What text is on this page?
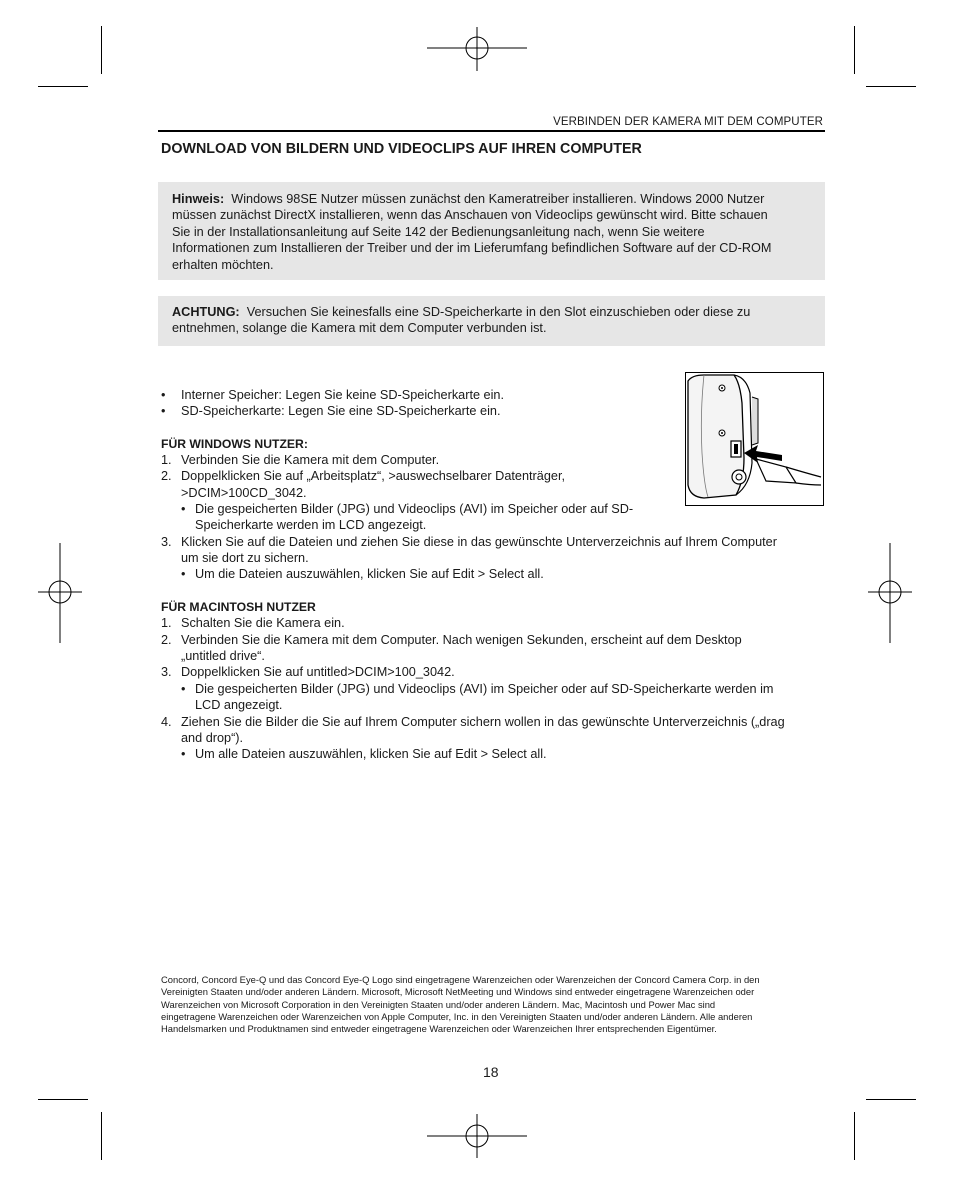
VERBINDEN DER KAMERA MIT DEM COMPUTER
DOWNLOAD VON BILDERN UND VIDEOCLIPS AUF IHREN COMPUTER
Hinweis: Windows 98SE Nutzer müssen zunächst den Kameratreiber installieren. Windows 2000 Nutzer
müssen zunächst DirectX installieren, wenn das Anschauen von Videoclips gewünscht wird. Bitte schauen
Sie in der Installationsanleitung auf Seite 142 der Bedienungsanleitung nach, wenn Sie weitere
Informationen zum Installieren der Treiber und der im Lieferumfang befindlichen Software auf der CD-ROM
erhalten möchten.
ACHTUNG: Versuchen Sie keinesfalls eine SD-Speicherkarte in den Slot einzuschieben oder diese zu
entnehmen, solange die Kamera mit dem Computer verbunden ist.
• Interner Speicher: Legen Sie keine SD-Speicherkarte ein.
• SD-Speicherkarte: Legen Sie eine SD-Speicherkarte ein.
FÜR WINDOWS NUTZER:
1. Verbinden Sie die Kamera mit dem Computer.
2. Doppelklicken Sie auf „Arbeitsplatz“, >auswechselbarer Datenträger,
>DCIM>100CD_3042.
• Die gespeicherten Bilder (JPG) und Videoclips (AVI) im Speicher oder auf SD-
Speicherkarte werden im LCD angezeigt.
3. Klicken Sie auf die Dateien und ziehen Sie diese in das gewünschte Unterverzeichnis auf Ihrem Computer
um sie dort zu sichern.
• Um die Dateien auszuwählen, klicken Sie auf Edit > Select all.
FÜR MACINTOSH NUTZER
1. Schalten Sie die Kamera ein.
2. Verbinden Sie die Kamera mit dem Computer. Nach wenigen Sekunden, erscheint auf dem Desktop
„untitled drive“.
3. Doppelklicken Sie auf untitled>DCIM>100_3042.
• Die gespeicherten Bilder (JPG) und Videoclips (AVI) im Speicher oder auf SD-Speicherkarte werden im
LCD angezeigt.
4. Ziehen Sie die Bilder die Sie auf Ihrem Computer sichern wollen in das gewünschte Unterverzeichnis („drag
and drop“).
• Um alle Dateien auszuwählen, klicken Sie auf Edit > Select all.
Concord, Concord Eye-Q und das Concord Eye-Q Logo sind eingetragene Warenzeichen oder Warenzeichen der Concord Camera Corp. in den
Vereinigten Staaten und/oder anderen Ländern. Microsoft, Microsoft NetMeeting und Windows sind entweder eingetragene Warenzeichen oder
Warenzeichen von Microsoft Corporation in den Vereinigten Staaten und/oder anderen Ländern. Mac, Macintosh und Power Mac sind
eingetragene Warenzeichen oder Warenzeichen von Apple Computer, Inc. in den Vereinigten Staaten und/oder anderen Ländern. Alle anderen
Handelsmarken und Produktnamen sind entweder eingetragene Warenzeichen oder Warenzeichen Ihrer entsprechenden Eigentümer.
18
